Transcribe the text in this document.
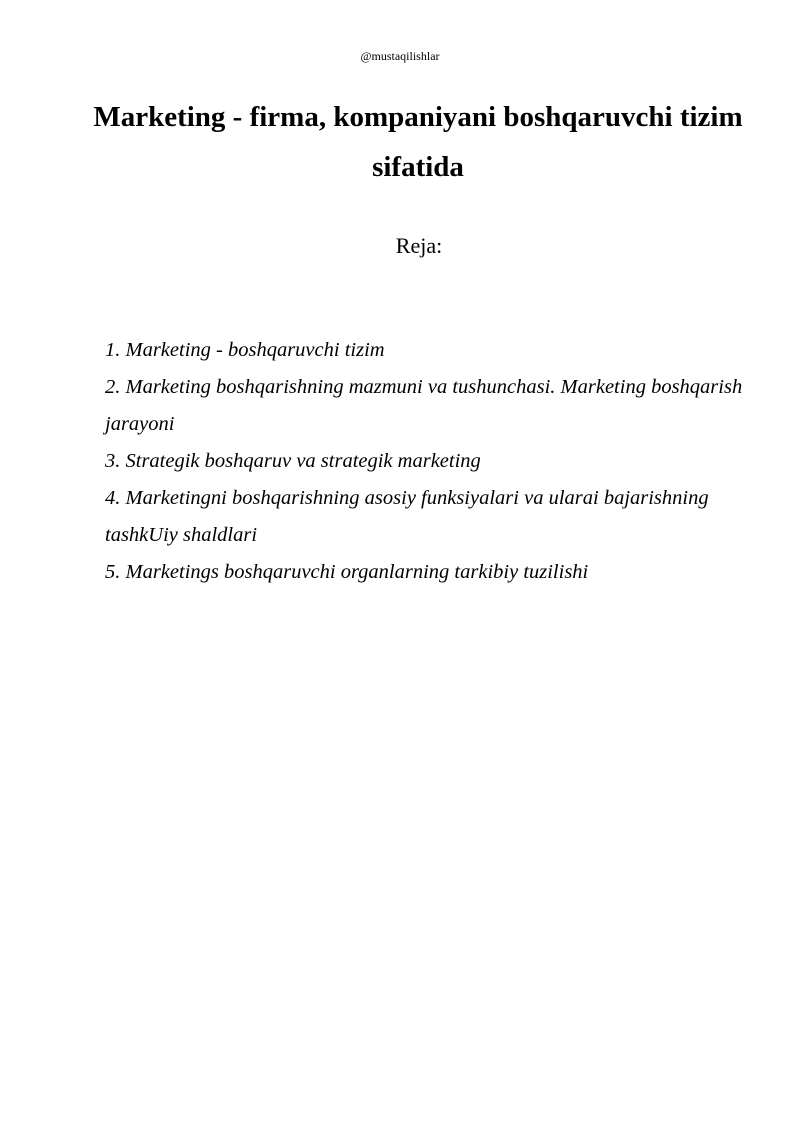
@mustaqilishlar
Marketing - firma, kompaniyani boshqaruvchi tizim sifatida
Reja:
1. Marketing - boshqaruvchi tizim
2. Marketing boshqarishning mazmuni va tushunchasi. Marketing boshqarish jarayoni
3. Strategik boshqaruv va strategik marketing
4. Marketingni boshqarishning asosiy funksiyalari va ularai bajarishning tashkUiy shaldlari
5. Marketings boshqaruvchi organlarning tarkibiy tuzilishi
